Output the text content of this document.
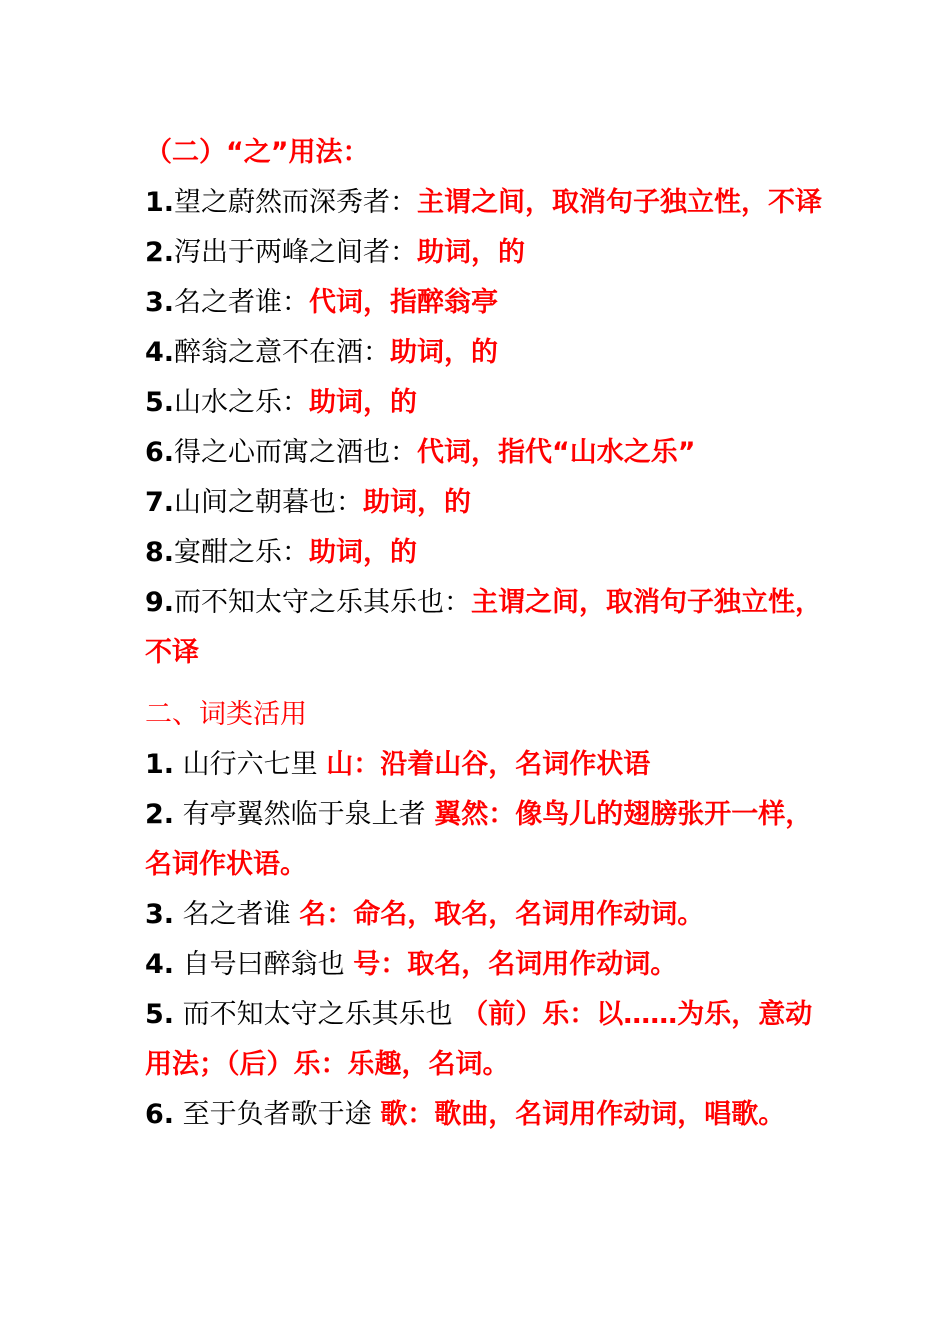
（二）“之”用法：
1.望之蔚然而深秀者：主谓之间，取消句子独立性，不译
2.泻出于两峰之间者：助词，的
3.名之者谁：代词，指醉翁亭
4.醉翁之意不在酒：助词，的
5.山水之乐：助词，的
6.得之心而寓之酒也：代词，指代“山水之乐”
7.山间之朝暮也：助词，的
8.宴酣之乐：助词，的
9.而不知太守之乐其乐也：主谓之间，取消句子独立性，不译
二、词类活用
1. 山行六七里 山：沿着山谷，名词作状语
2. 有亭翼然临于泉上者 翼然：像鸟儿的翅膀张开一样，名词作状语。
3. 名之者谁 名：命名，取名，名词用作动词。
4. 自号曰醉翁也 号：取名，名词用作动词。
5. 而不知太守之乐其乐也 （前）乐：以……为乐，意动用法；（后）乐：乐趣，名词。
6. 至于负者歌于途 歌：歌曲，名词用作动词，唱歌。
